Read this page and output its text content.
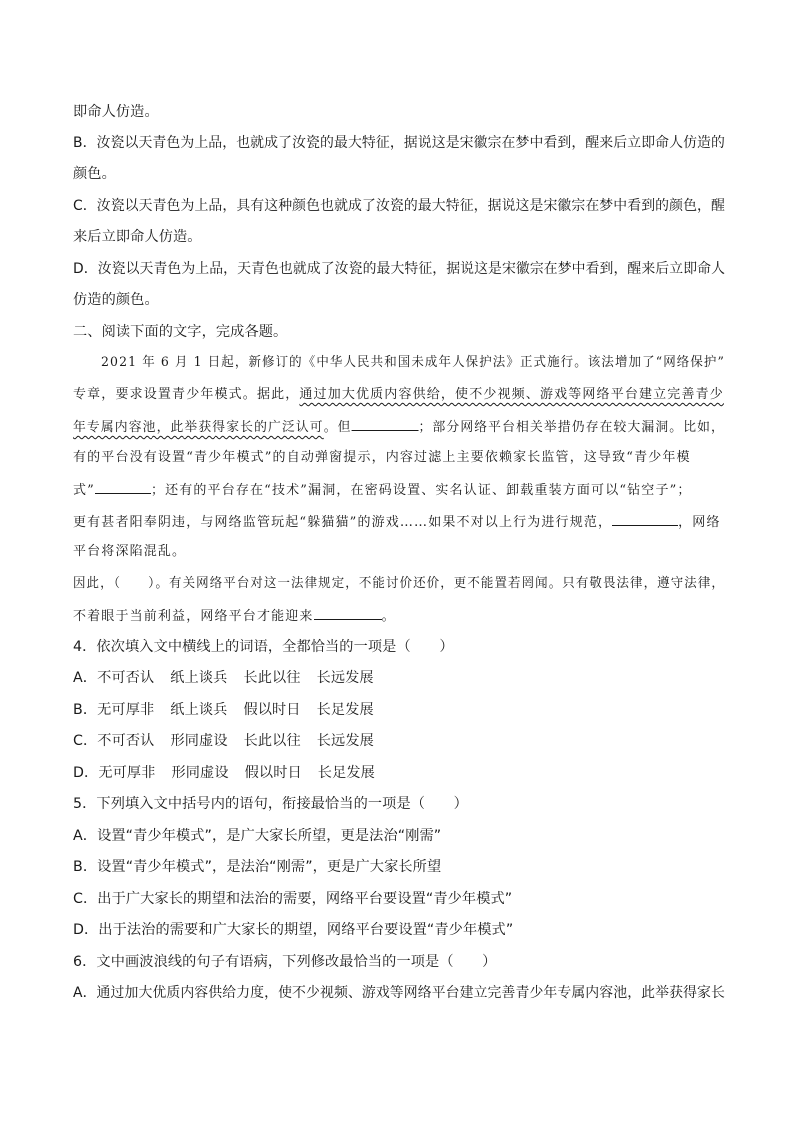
即命人仿造。
B．汝瓷以天青色为上品，也就成了汝瓷的最大特征，据说这是宋徽宗在梦中看到，醒来后立即命人仿造的
颜色。
C．汝瓷以天青色为上品，具有这种颜色也就成了汝瓷的最大特征，据说这是宋徽宗在梦中看到的颜色，醒
来后立即命人仿造。
D．汝瓷以天青色为上品，天青色也就成了汝瓷的最大特征，据说这是宋徽宗在梦中看到，醒来后立即命人
仿造的颜色。
二、阅读下面的文字，完成各题。
2021 年 6 月 1 日起，新修订的《中华人民共和国未成年人保护法》正式施行。该法增加了“网络保护”
专章，要求设置青少年模式。据此，通过加大优质内容供给，使不少视频、游戏等网络平台建立完善青少
年专属内容池，此举获得家长的广泛认可。但	；部分网络平台相关举措仍存在较大漏洞。比如，
有的平台没有设置“青少年模式”的自动弹窗提示，内容过滤上主要依赖家长监管，这导致“青少年模
式”	；还有的平台存在“技术”漏洞，在密码设置、实名认证、卸载重装方面可以“钻空子”；
更有甚者阳奉阴违，与网络监管玩起“躲猫猫”的游戏……如果不对以上行为进行规范，	，网络
平台将深陷混乱。
因此，（　　）。有关网络平台对这一法律规定，不能讨价还价，更不能置若罔闻。只有敬畏法律，遵守法律，
不着眼于当前利益，网络平台才能迎来	。
4．依次填入文中横线上的词语，全都恰当的一项是（　　）
A．不可否认 纸上谈兵 长此以往 长远发展
B．无可厚非 纸上谈兵 假以时日 长足发展
C．不可否认 形同虚设 长此以往 长远发展
D．无可厚非 形同虚设 假以时日 长足发展
5．下列填入文中括号内的语句，衔接最恰当的一项是（　　）
A．设置“青少年模式”，是广大家长所望，更是法治“刚需”
B．设置“青少年模式”，是法治“刚需”，更是广大家长所望
C．出于广大家长的期望和法治的需要，网络平台要设置“青少年模式”
D．出于法治的需要和广大家长的期望，网络平台要设置“青少年模式”
6．文中画波浪线的句子有语病，下列修改最恰当的一项是（　　）
A．通过加大优质内容供给力度，使不少视频、游戏等网络平台建立完善青少年专属内容池，此举获得家长
